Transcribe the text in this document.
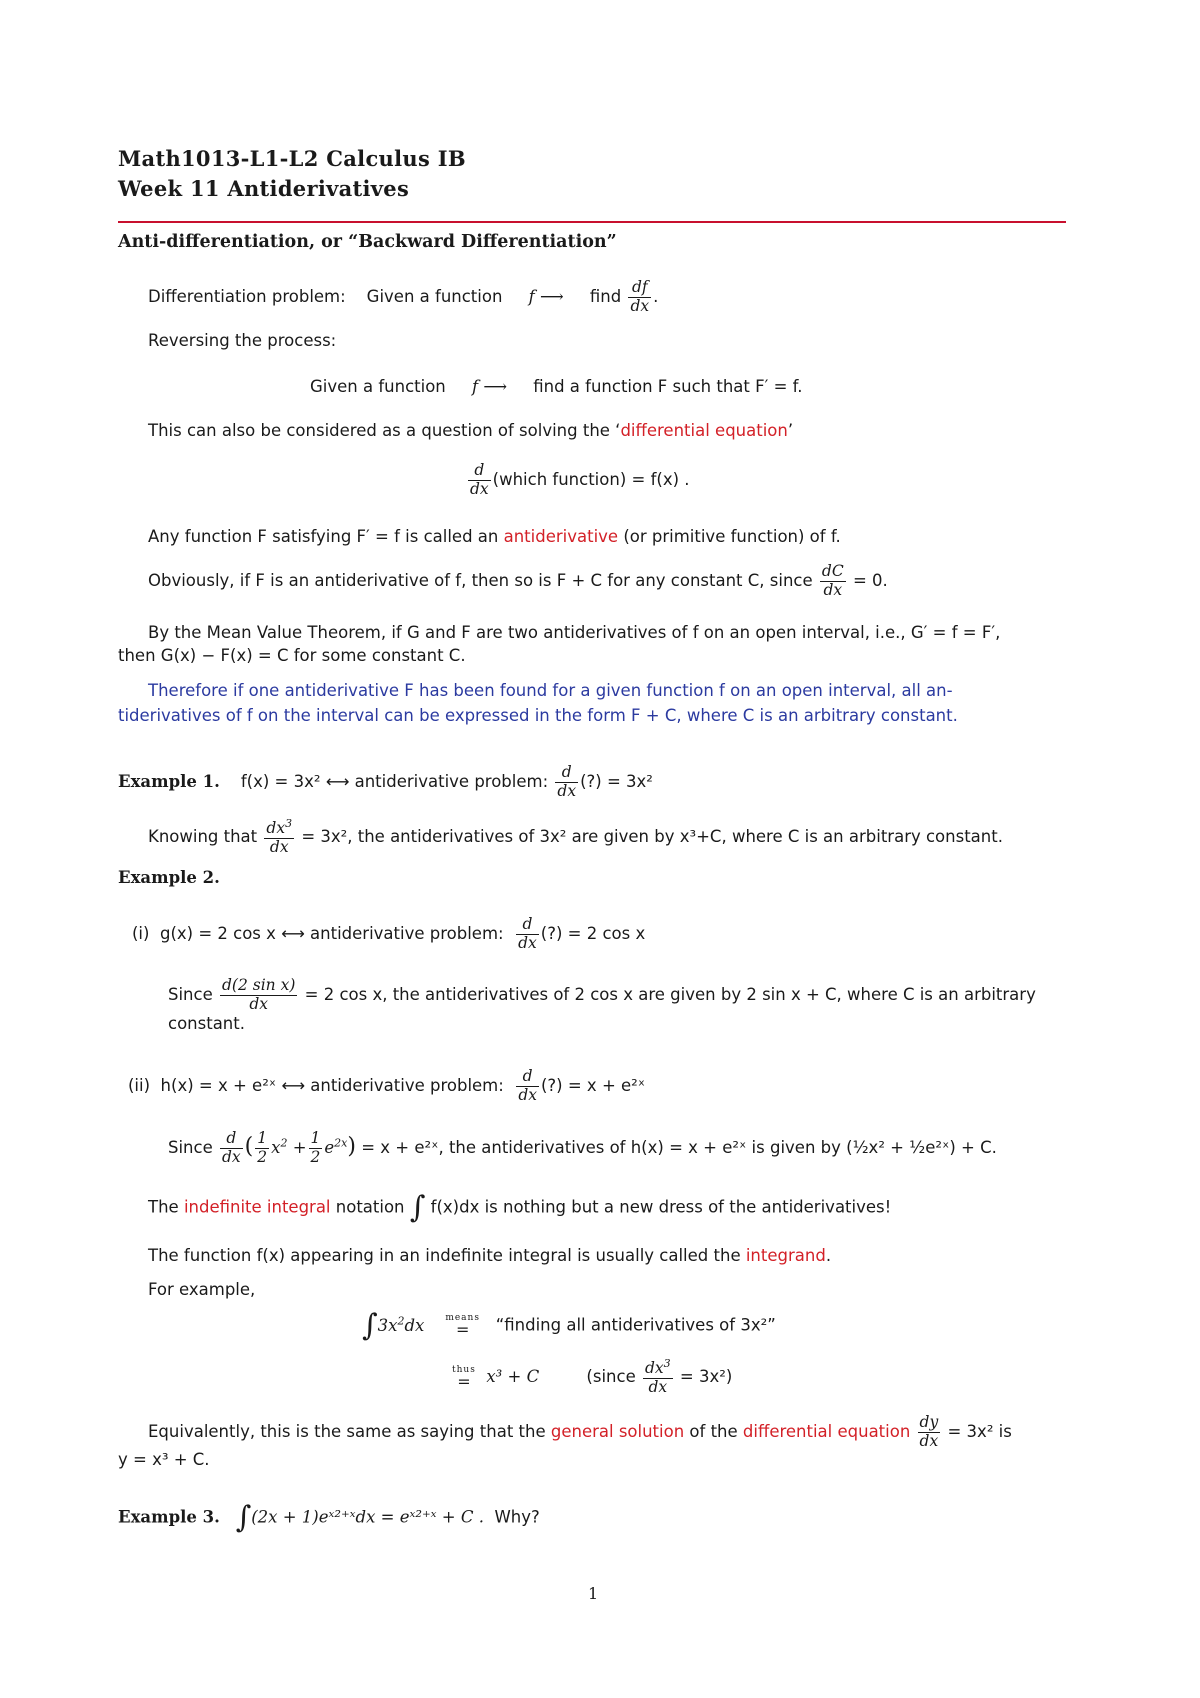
Math1013-L1-L2 Calculus IB
Week 11 Antiderivatives
Anti-differentiation, or “Backward Differentiation”
Differentiation problem: Given a function f ⟶ find $\frac{df}{dx}$ .
Reversing the process:
Given a function f ⟶ find a function F such that F′ = f.
This can also be considered as a question of solving the ‘differential equation’
$\frac{d}{dx}$ (which function) = f(x) .
Any function F satisfying F′ = f is called an antiderivative (or primitive function) of f.
Obviously, if F is an antiderivative of f, then so is F + C for any constant C, since $\frac{dC}{dx} = 0$.
By the Mean Value Theorem, if G and F are two antiderivatives of f on an open interval, i.e., G′ = f = F′,
then G(x) − F(x) = C for some constant C.
Therefore if one antiderivative F has been found for a given function f on an open interval, all an-
tiderivatives of f on the interval can be expressed in the form F + C, where C is an arbitrary constant.
Example 1. f(x) = 3x² ⟷ antiderivative problem: $\frac{d}{dx}$ (?) = 3x²
Knowing that $\frac{dx^3}{dx} = 3x^2$, the antiderivatives of 3x² are given by x³+C, where C is an arbitrary constant.
Example 2.
(i) g(x) = 2 cos x ⟷ antiderivative problem: $\frac{d}{dx}$ (?) = 2 cos x
Since $\frac{\text{d(2 sin x)}}{dx} = 2$ cos x, the antiderivatives of 2 cos x are given by 2 sin x + C, where C is an arbitrary
constant.
(ii) h(x) = x + e²ˣ ⟷ antiderivative problem: $\frac{d}{dx}$ (?) = x + e²ˣ
Since $\frac{d}{dx}$ ( $\frac{1}{2} x^2 + \frac{1}{2} e^{2x}) = x$ + e²ˣ, the antiderivatives of h(x) = x + e²ˣ is given by (½x² + ½e²ˣ) + C.
The indefinite integral notation ∫ f(x)dx is nothing but a new dress of the antiderivatives!
The function f(x) appearing in an indefinite integral is usually called the integrand.
For example,
$\int 3x^2dx$ means
=	“finding all antiderivatives of 3x²”
thus
= x³ + C	(since $\frac{dx^3}{dx} = 3x^2$)
Equivalently, this is the same as saying that the general solution of the differential equation $\frac{dy}{dx} = 3x^2$ is
y = x³ + C.
Example 3. ∫(2x + 1)eˣ²⁺ˣdx = eˣ²⁺ˣ + C . Why?
1
